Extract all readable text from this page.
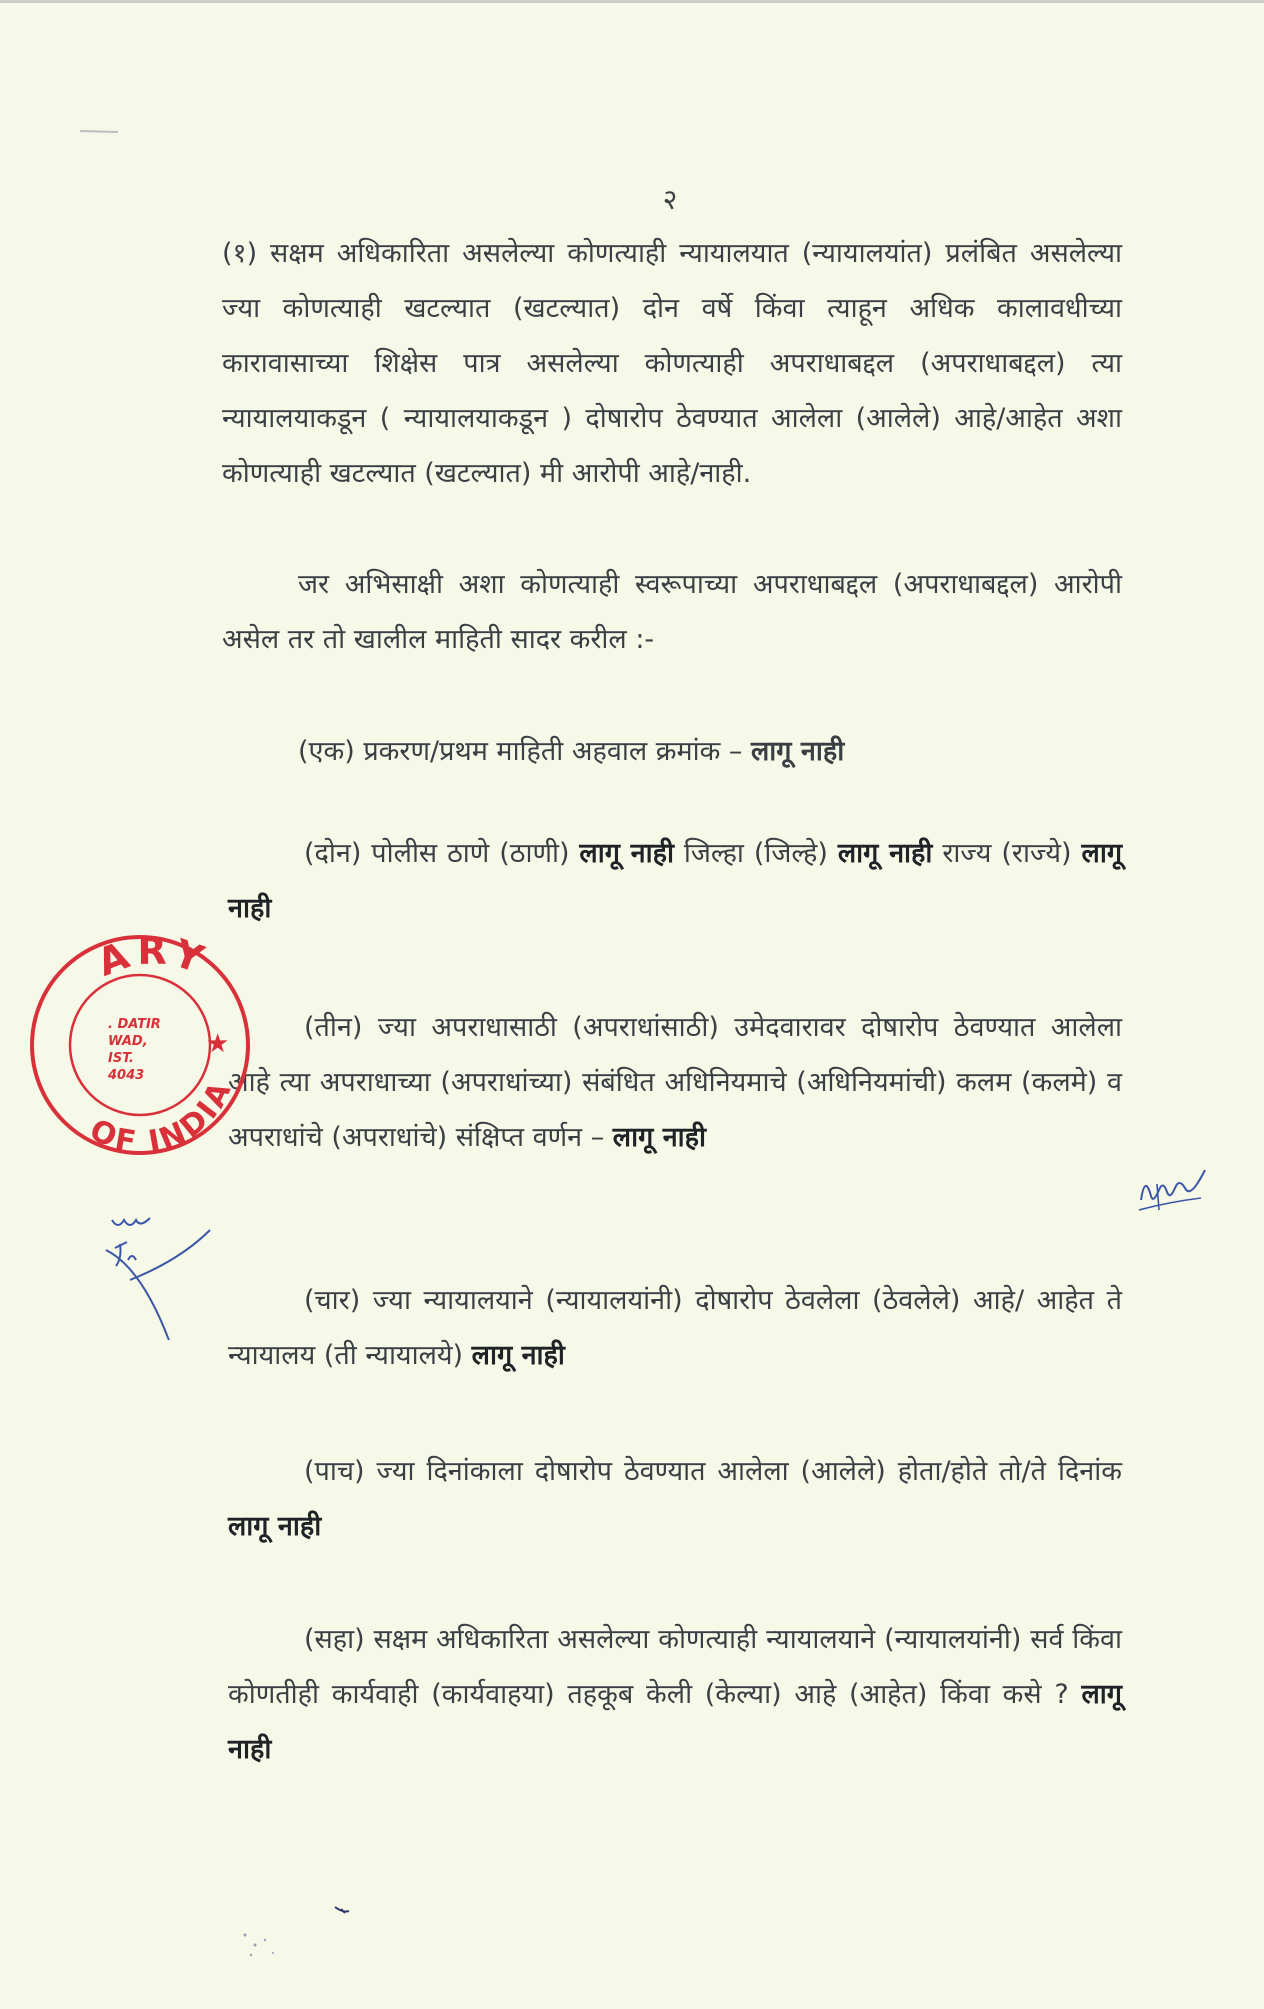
२
(१) सक्षम अधिकारिता असलेल्या कोणत्याही न्यायालयात (न्यायालयांत) प्रलंबित असलेल्या ज्या कोणत्याही खटल्यात (खटल्यात) दोन वर्षे किंवा त्याहून अधिक कालावधीच्या कारावासाच्या शिक्षेस पात्र असलेल्या कोणत्याही अपराधाबद्दल (अपराधाबद्दल) त्या न्यायालयाकडून ( न्यायालयाकडून ) दोषारोप ठेवण्यात आलेला (आलेले) आहे/आहेत अशा कोणत्याही खटल्यात (खटल्यात) मी आरोपी आहे/नाही.
जर अभिसाक्षी अशा कोणत्याही स्वरूपाच्या अपराधाबद्दल (अपराधाबद्दल) आरोपी असेल तर तो खालील माहिती सादर करील :-
(एक) प्रकरण/प्रथम माहिती अहवाल क्रमांक – लागू नाही
(दोन) पोलीस ठाणे (ठाणी) लागू नाही जिल्हा (जिल्हे) लागू नाही राज्य (राज्ये) लागू नाही
(तीन) ज्या अपराधासाठी (अपराधांसाठी) उमेदवारावर दोषारोप ठेवण्यात आलेला आहे त्या अपराधाच्या (अपराधांच्या) संबंधित अधिनियमाचे (अधिनियमांची) कलम (कलमे) व अपराधांचे (अपराधांचे) संक्षिप्त वर्णन – लागू नाही
(चार) ज्या न्यायालयाने (न्यायालयांनी) दोषारोप ठेवलेला (ठेवलेले) आहे/ आहेत ते न्यायालय (ती न्यायालये) लागू नाही
(पाच) ज्या दिनांकाला दोषारोप ठेवण्यात आलेला (आलेले) होता/होते तो/ते दिनांक लागू नाही
(सहा) सक्षम अधिकारिता असलेल्या कोणत्याही न्यायालयाने (न्यायालयांनी) सर्व किंवा कोणतीही कार्यवाही (कार्यवाहया) तहकूब केली (केल्या) आहे (आहेत) किंवा कसे ? लागू नाही
ARY
OF INDIA
. DATIR
WAD,
IST.
4043
★
